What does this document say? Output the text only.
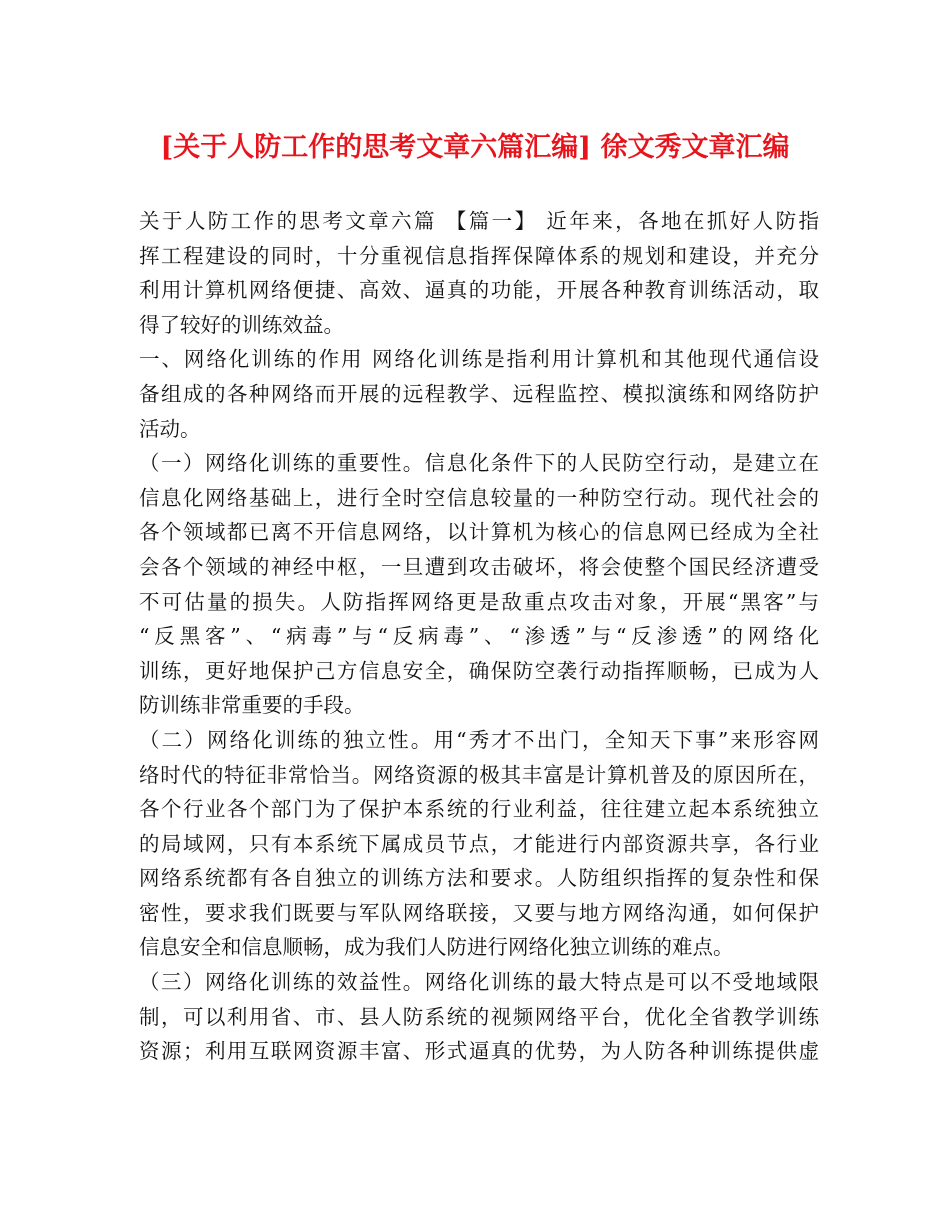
[关于人防工作的思考文章六篇汇编] 徐文秀文章汇编
关于人防工作的思考文章六篇 【篇一】 近年来，各地在抓好人防指
挥工程建设的同时，十分重视信息指挥保障体系的规划和建设，并充分
利用计算机网络便捷、高效、逼真的功能，开展各种教育训练活动，取
得了较好的训练效益。
一、网络化训练的作用 网络化训练是指利用计算机和其他现代通信设
备组成的各种网络而开展的远程教学、远程监控、模拟演练和网络防护
活动。
（一）网络化训练的重要性。信息化条件下的人民防空行动，是建立在
信息化网络基础上，进行全时空信息较量的一种防空行动。现代社会的
各个领域都已离不开信息网络，以计算机为核心的信息网已经成为全社
会各个领域的神经中枢，一旦遭到攻击破坏，将会使整个国民经济遭受
不可估量的损失。人防指挥网络更是敌重点攻击对象，开展“黑客”与
“反黑客”、“病毒”与“反病毒”、“渗透”与“反渗透”的网络化
训练，更好地保护己方信息安全，确保防空袭行动指挥顺畅，已成为人
防训练非常重要的手段。
（二）网络化训练的独立性。用“秀才不出门，全知天下事”来形容网
络时代的特征非常恰当。网络资源的极其丰富是计算机普及的原因所在，
各个行业各个部门为了保护本系统的行业利益，往往建立起本系统独立
的局域网，只有本系统下属成员节点，才能进行内部资源共享，各行业
网络系统都有各自独立的训练方法和要求。人防组织指挥的复杂性和保
密性，要求我们既要与军队网络联接，又要与地方网络沟通，如何保护
信息安全和信息顺畅，成为我们人防进行网络化独立训练的难点。
（三）网络化训练的效益性。网络化训练的最大特点是可以不受地域限
制，可以利用省、市、县人防系统的视频网络平台，优化全省教学训练
资源；利用互联网资源丰富、形式逼真的优势，为人防各种训练提供虚
